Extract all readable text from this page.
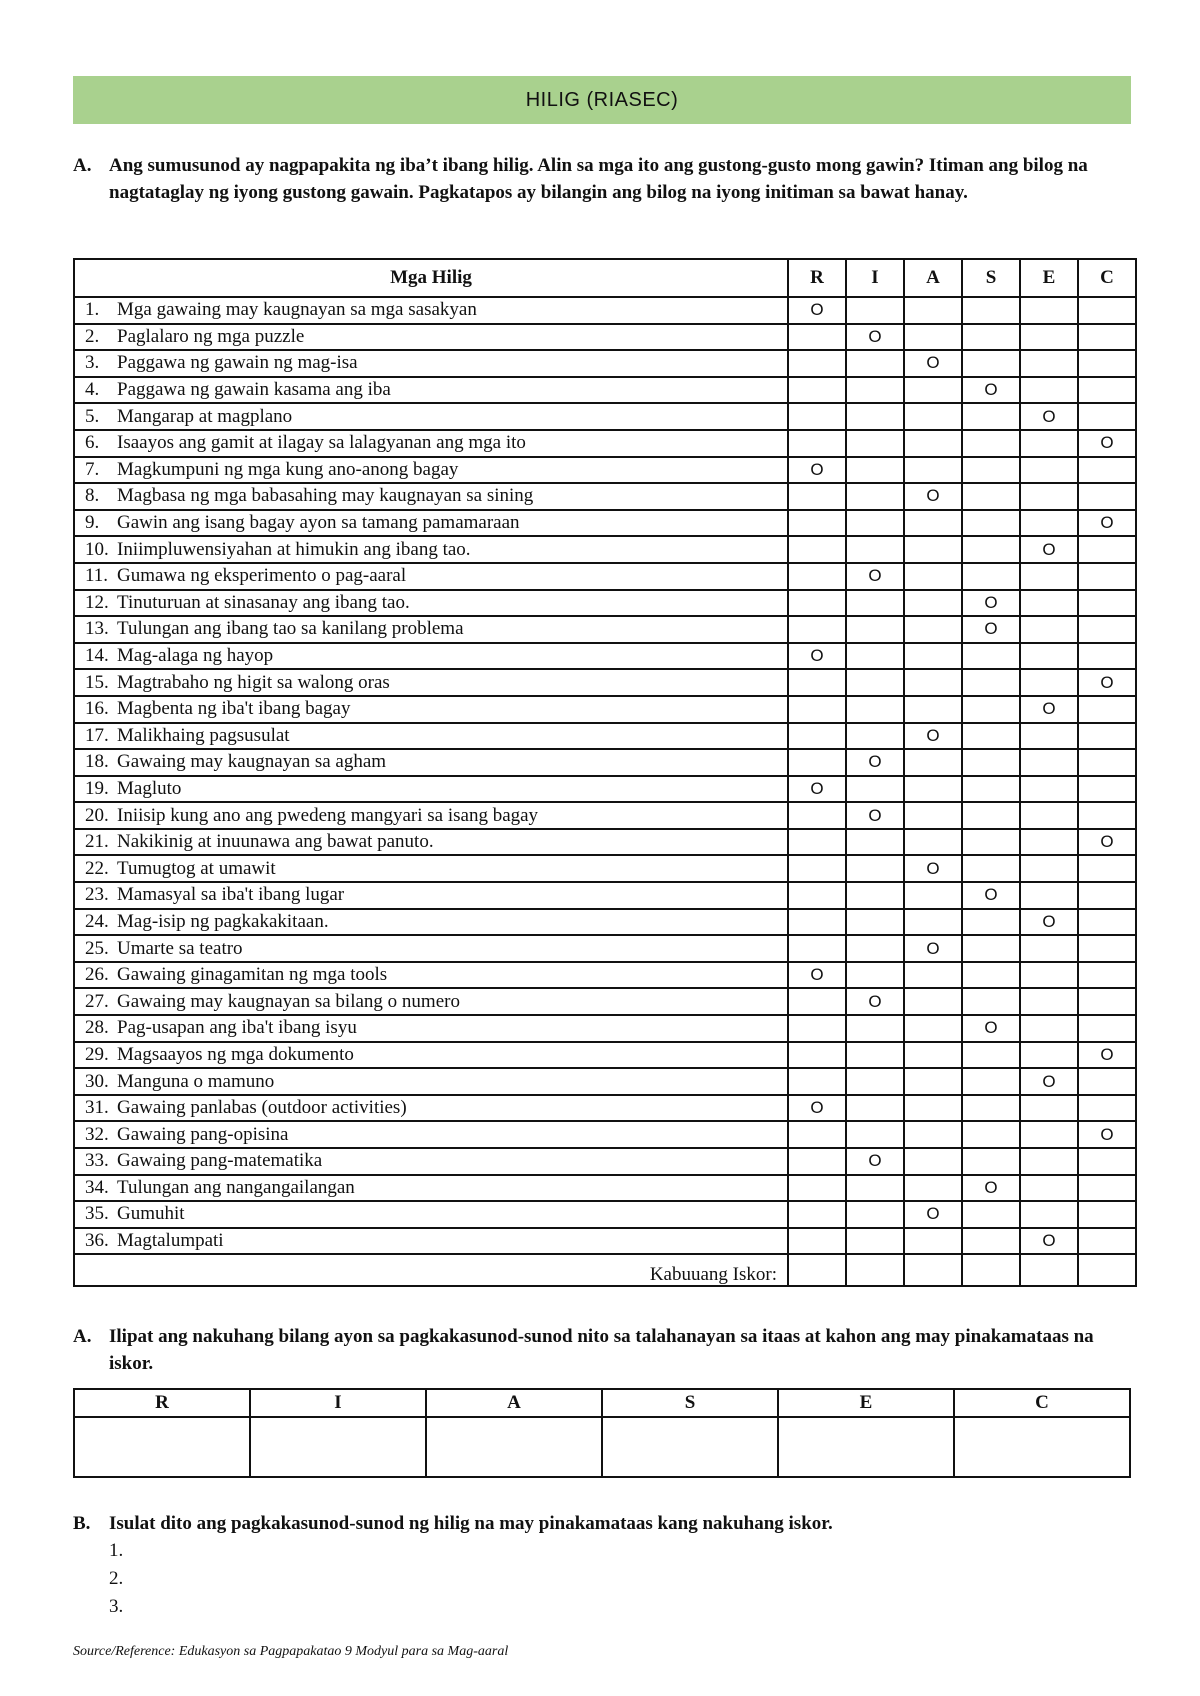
HILIG (RIASEC)
A. Ang sumusunod ay nagpapakita ng iba’t ibang hilig. Alin sa mga ito ang gustong-gusto mong gawin? Itiman ang bilog na nagtataglay ng iyong gustong gawain. Pagkatapos ay bilangin ang bilog na iyong initiman sa bawat hanay.
Mga Hilig	R	I	A	S	E	C
1. Mga gawaing may kaugnayan sa mga sasakyan	O					
2. Paglalaro ng mga puzzle		O				
3. Paggawa ng gawain ng mag-isa			O			
4. Paggawa ng gawain kasama ang iba				O		
5. Mangarap at magplano					O	
6. Isaayos ang gamit at ilagay sa lalagyanan ang mga ito						O
7. Magkumpuni ng mga kung ano-anong bagay	O					
8. Magbasa ng mga babasahing may kaugnayan sa sining			O			
9. Gawin ang isang bagay ayon sa tamang pamamaraan						O
10. Iniimpluwensiyahan at himukin ang ibang tao.					O	
11. Gumawa ng eksperimento o pag-aaral		O				
12. Tinuturuan at sinasanay ang ibang tao.				O		
13. Tulungan ang ibang tao sa kanilang problema				O		
14. Mag-alaga ng hayop	O					
15. Magtrabaho ng higit sa walong oras						O
16. Magbenta ng iba't ibang bagay					O	
17. Malikhaing pagsusulat			O			
18. Gawaing may kaugnayan sa agham		O				
19. Magluto	O					
20. Iniisip kung ano ang pwedeng mangyari sa isang bagay		O				
21. Nakikinig at inuunawa ang bawat panuto.						O
22. Tumugtog at umawit			O			
23. Mamasyal sa iba't ibang lugar				O		
24. Mag-isip ng pagkakakitaan.					O	
25. Umarte sa teatro			O			
26. Gawaing ginagamitan ng mga tools	O					
27. Gawaing may kaugnayan sa bilang o numero		O				
28. Pag-usapan ang iba't ibang isyu				O		
29. Magsaayos ng mga dokumento						O
30. Manguna o mamuno					O	
31. Gawaing panlabas (outdoor activities)	O					
32. Gawaing pang-opisina						O
33. Gawaing pang-matematika		O				
34. Tulungan ang nangangailangan				O		
35. Gumuhit			O			
36. Magtalumpati					O	
Kabuuang Iskor:						
A. Ilipat ang nakuhang bilang ayon sa pagkakasunod-sunod nito sa talahanayan sa itaas at kahon ang may pinakamataas na iskor.
R	I	A	S	E	C

B. Isulat dito ang pagkakasunod-sunod ng hilig na may pinakamataas kang nakuhang iskor.
1.
2.
3.
Source/Reference: Edukasyon sa Pagpapakatao 9 Modyul para sa Mag-aaral
